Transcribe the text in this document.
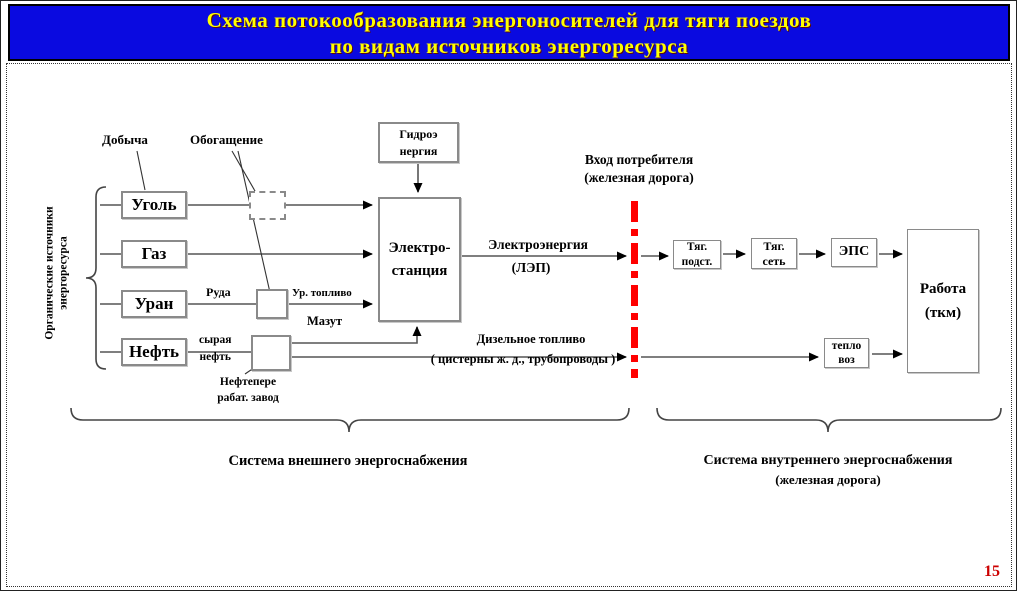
Схема потокообразования энергоносителей для тяги поездов
по видам источников энергоресурса
Органические источники энергоресурса
Добыча	Обогащение
Уголь
Газ
Уран
Нефть
Руда	Ур. топливо
сырая
нефть
Мазут
Нефтепере
рабат. завод
Гидроэ
нергия
Электро-
станция
Вход потребителя
(железная дорога)
Электроэнергия
(ЛЭП)
Дизельное топливо
( цистерны ж. д., трубопроводы )
Тяг.
подст.
Тяг.
сеть
ЭПС
тепло
воз
Работа
(ткм)
Система внешнего энергоснабжения	Система внутреннего энергоснабжения
(железная дорога)
15
